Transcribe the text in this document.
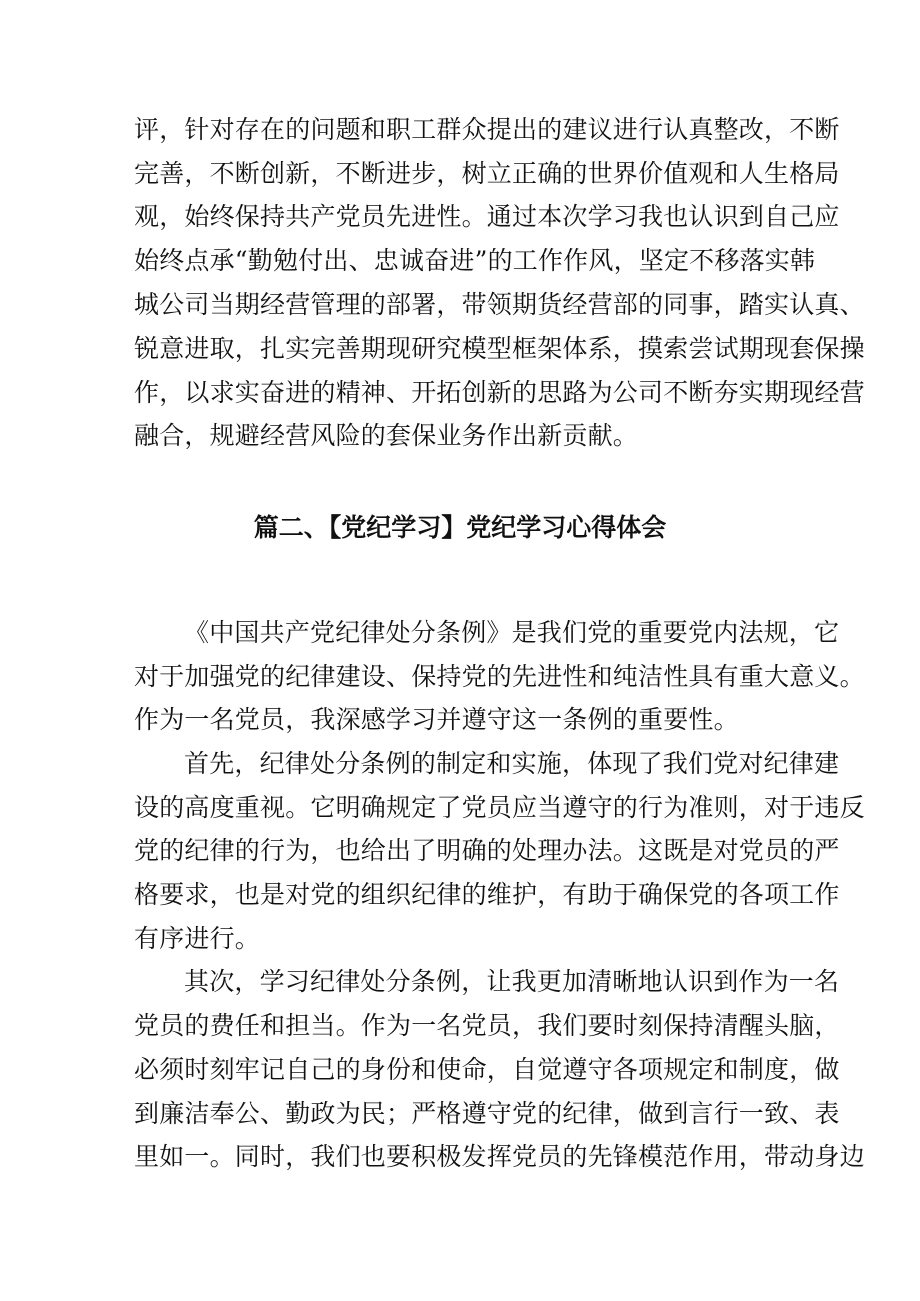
评，针对存在的问题和职工群众提出的建议进行认真整改，不断
完善，不断创新，不断进步，树立正确的世界价值观和人生格局
观，始终保持共产党员先进性。通过本次学习我也认识到自己应
始终点承“勤勉付出、忠诚奋进”的工作作风，坚定不移落实韩
城公司当期经营管理的部署，带领期货经营部的同事，踏实认真、
锐意进取，扎实完善期现研究模型框架体系，摸索尝试期现套保操
作，以求实奋进的精神、开拓创新的思路为公司不断夯实期现经营
融合，规避经营风险的套保业务作出新贡献。
篇二、【党纪学习】党纪学习心得体会
《中国共产党纪律处分条例》是我们党的重要党内法规，它
对于加强党的纪律建设、保持党的先进性和纯洁性具有重大意义。
作为一名党员，我深感学习并遵守这一条例的重要性。
首先，纪律处分条例的制定和实施，体现了我们党对纪律建
设的高度重视。它明确规定了党员应当遵守的行为准则，对于违反
党的纪律的行为，也给出了明确的处理办法。这既是对党员的严
格要求，也是对党的组织纪律的维护，有助于确保党的各项工作
有序进行。
其次，学习纪律处分条例，让我更加清晰地认识到作为一名
党员的费任和担当。作为一名党员，我们要时刻保持清醒头脑，
必须时刻牢记自己的身份和使命，自觉遵守各项规定和制度，做
到廉洁奉公、勤政为民；严格遵守党的纪律，做到言行一致、表
里如一。同时，我们也要积极发挥党员的先锋模范作用，带动身边
